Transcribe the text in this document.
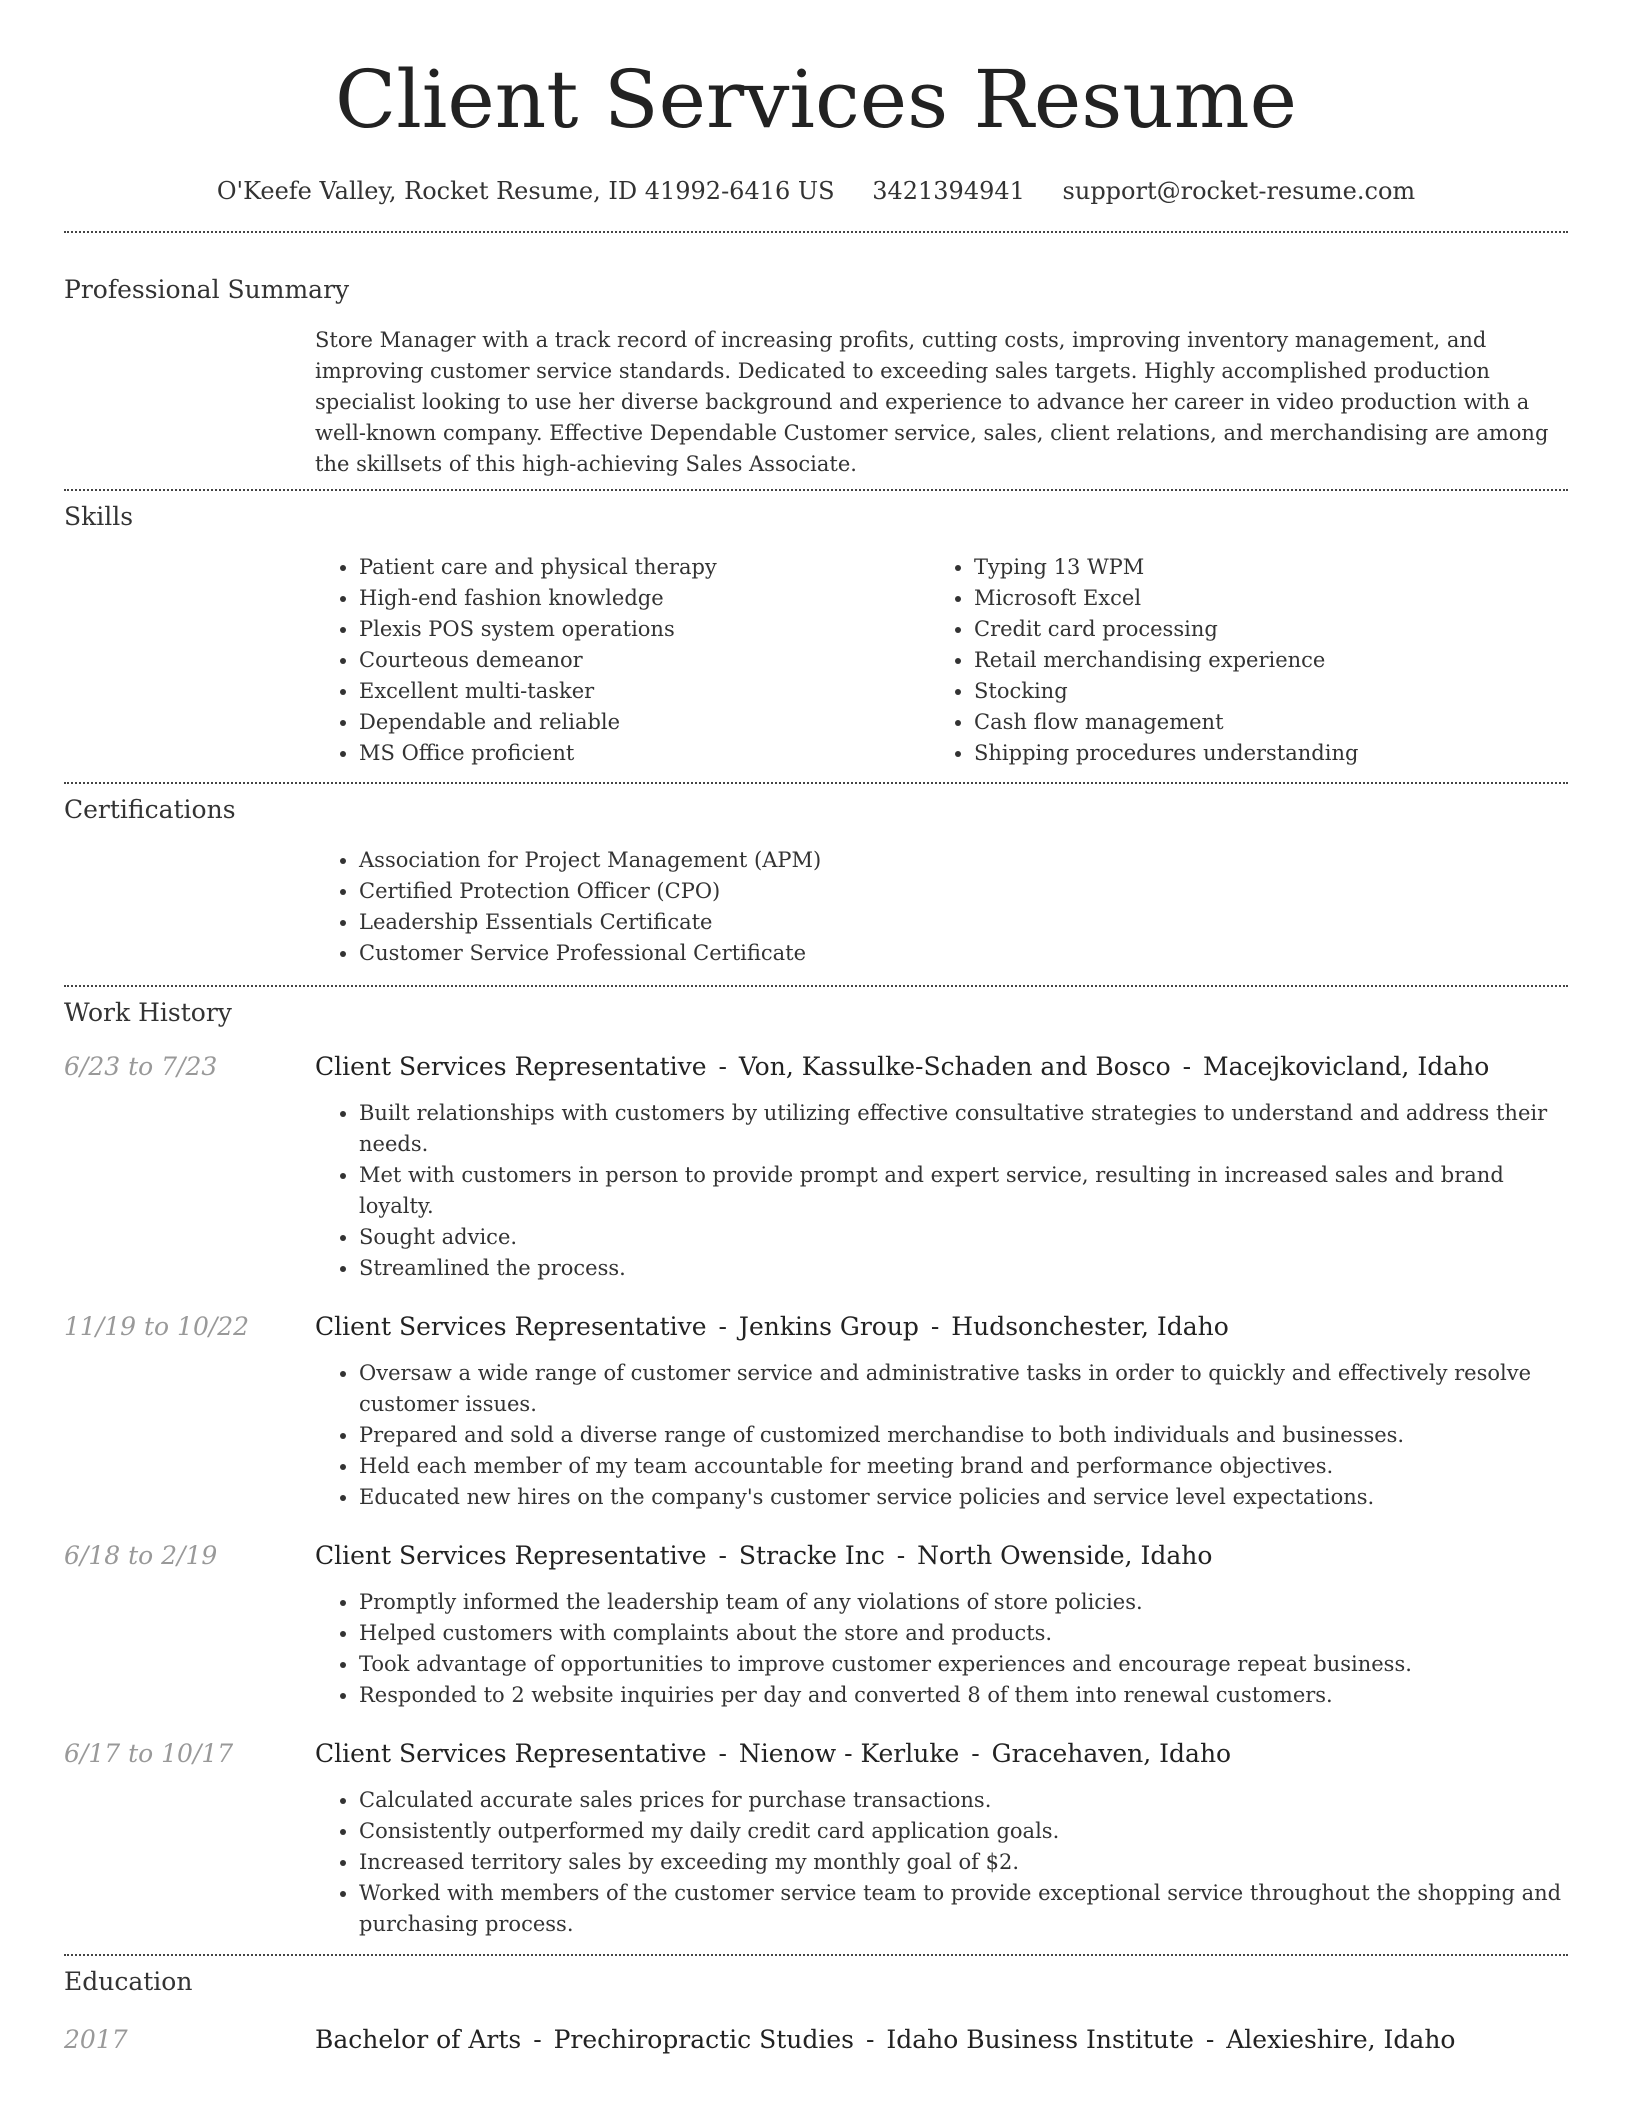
Client Services Resume
O'Keefe Valley, Rocket Resume, ID 41992-6416 US 3421394941 support@rocket-resume.com
Professional Summary

Store Manager with a track record of increasing profits, cutting costs, improving inventory management, and improving customer service standards. Dedicated to exceeding sales targets. Highly accomplished production specialist looking to use her diverse background and experience to advance her career in video production with a well-known company. Effective Dependable Customer service, sales, client relations, and merchandising are among the skillsets of this high-achieving Sales Associate.

Skills
• Patient care and physical therapy
• High-end fashion knowledge
• Plexis POS system operations
• Courteous demeanor
• Excellent multi-tasker
• Dependable and reliable
• MS Office proficient
• Typing 13 WPM
• Microsoft Excel
• Credit card processing
• Retail merchandising experience
• Stocking
• Cash flow management
• Shipping procedures understanding
Certifications
• Association for Project Management (APM)
• Certified Protection Officer (CPO)
• Leadership Essentials Certificate
• Customer Service Professional Certificate
Work History
6/23 to 7/23	Client Services Representative - Von, Kassulke-Schaden and Bosco - Macejkovicland, Idaho
• Built relationships with customers by utilizing effective consultative strategies to understand and address their needs.
• Met with customers in person to provide prompt and expert service, resulting in increased sales and brand loyalty.
• Sought advice.
• Streamlined the process.
11/19 to 10/22	Client Services Representative - Jenkins Group - Hudsonchester, Idaho
• Oversaw a wide range of customer service and administrative tasks in order to quickly and effectively resolve customer issues.
• Prepared and sold a diverse range of customized merchandise to both individuals and businesses.
• Held each member of my team accountable for meeting brand and performance objectives.
• Educated new hires on the company's customer service policies and service level expectations.
6/18 to 2/19	Client Services Representative - Stracke Inc - North Owenside, Idaho
• Promptly informed the leadership team of any violations of store policies.
• Helped customers with complaints about the store and products.
• Took advantage of opportunities to improve customer experiences and encourage repeat business.
• Responded to 2 website inquiries per day and converted 8 of them into renewal customers.
6/17 to 10/17	Client Services Representative - Nienow - Kerluke - Gracehaven, Idaho
• Calculated accurate sales prices for purchase transactions.
• Consistently outperformed my daily credit card application goals.
• Increased territory sales by exceeding my monthly goal of $2.
• Worked with members of the customer service team to provide exceptional service throughout the shopping and purchasing process.
Education
2017	Bachelor of Arts - Prechiropractic Studies - Idaho Business Institute - Alexieshire, Idaho
